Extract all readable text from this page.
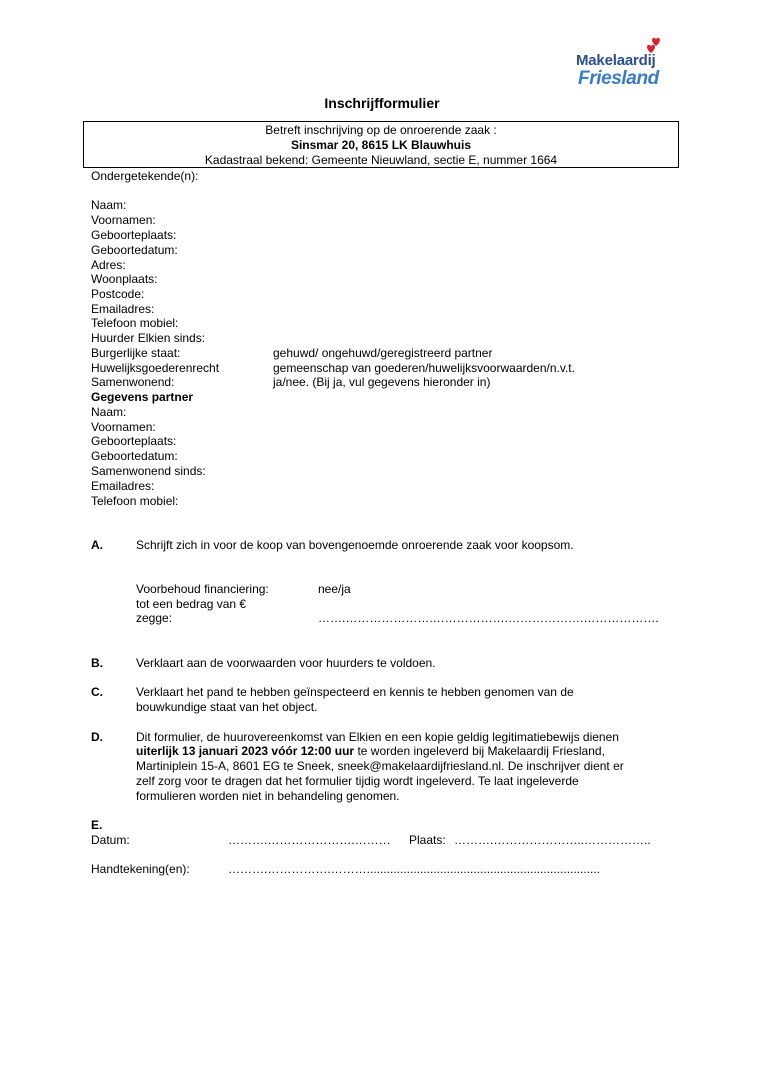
Makelaardij
Friesland
Inschrijfformulier
Betreft inschrijving op de onroerende zaak :
Sinsmar 20, 8615 LK Blauwhuis
Kadastraal bekend: Gemeente Nieuwland, sectie E, nummer 1664
Ondergetekende(n):
Naam:
Voornamen:
Geboorteplaats:
Geboortedatum:
Adres:
Woonplaats:
Postcode:
Emailadres:
Telefoon mobiel:
Huurder Elkien sinds:
Burgerlijke staat:	gehuwd/ ongehuwd/geregistreerd partner
Huwelijksgoederenrecht	gemeenschap van goederen/huwelijksvoorwaarden/n.v.t.
Samenwonend:	ja/nee. (Bij ja, vul gegevens hieronder in)
Gegevens partner
Naam:
Voornamen:
Geboorteplaats:
Geboortedatum:
Samenwonend sinds:
Emailadres:
Telefoon mobiel:
A.	Schrijft zich in voor de koop van bovengenoemde onroerende zaak voor koopsom.
Voorbehoud financiering:	nee/ja
tot een bedrag van €
zegge:	…….………………….……………….……………….……………….
B.	Verklaart aan de voorwaarden voor huurders te voldoen.
C.	Verklaart het pand te hebben geïnspecteerd en kennis te hebben genomen van de
bouwkundige staat van het object.
D.	Dit formulier, de huurovereenkomst van Elkien en een kopie geldig legitimatiebewijs dienen
uiterlijk 13 januari 2023 vóór 12:00 uur te worden ingeleverd bij Makelaardij Friesland,
Martiniplein 15-A, 8601 EG te Sneek, sneek@makelaardijfriesland.nl. De inschrijver dient er
zelf zorg voor te dragen dat het formulier tijdig wordt ingeleverd. Te laat ingeleverde
formulieren worden niet in behandeling genomen.
E.
Datum:	……….………………….……… Plaats: ……….…………………..……………..
Handtekening(en):	……….…………….………......................................................................
